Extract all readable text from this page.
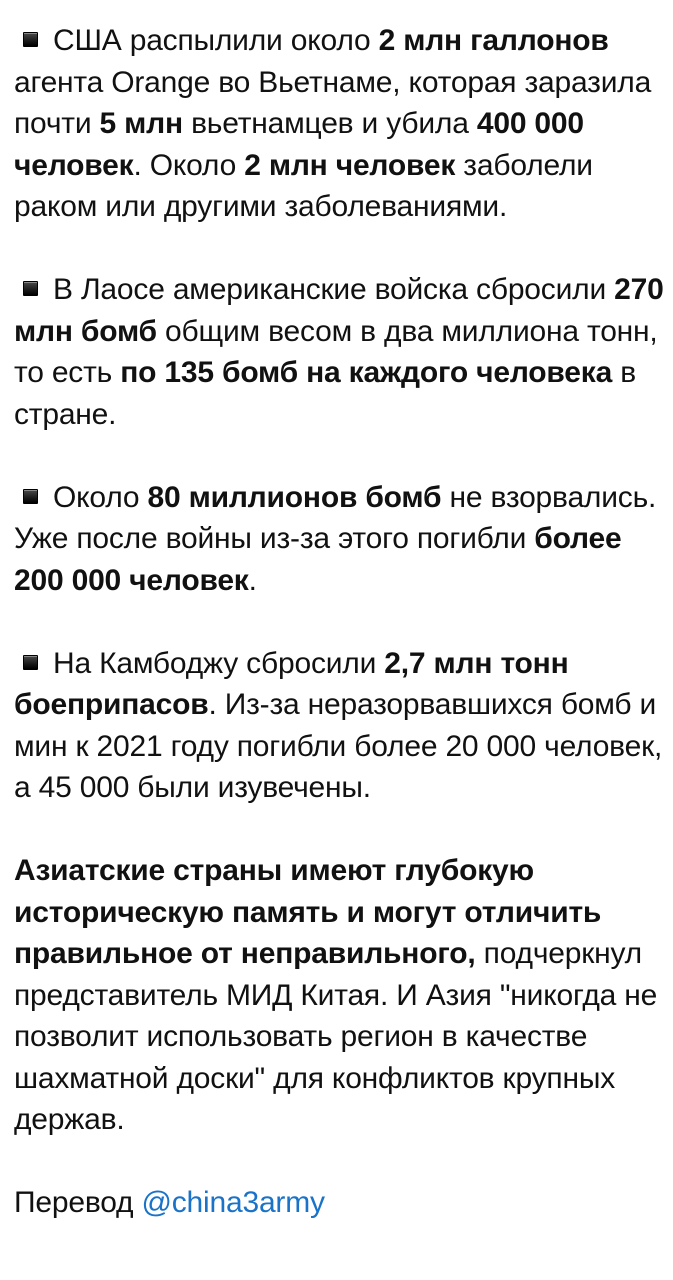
США распылили около 2 млн галлонов агента Orange во Вьетнаме, которая заразила почти 5 млн вьетнамцев и убила 400 000 человек. Около 2 млн человек заболели раком или другими заболеваниями.

В Лаосе американские войска сбросили 270 млн бомб общим весом в два миллиона тонн, то есть по 135 бомб на каждого человека в стране.

Около 80 миллионов бомб не взорвались. Уже после войны из-за этого погибли более 200 000 человек.

На Камбоджу сбросили 2,7 млн тонн боеприпасов. Из-за неразорвавшихся бомб и мин к 2021 году погибли более 20 000 человек, а 45 000 были изувечены.

Азиатские страны имеют глубокую историческую память и могут отличить правильное от неправильного, подчеркнул представитель МИД Китая. И Азия "никогда не позволит использовать регион в качестве шахматной доски" для конфликтов крупных держав.

Перевод @china3army
